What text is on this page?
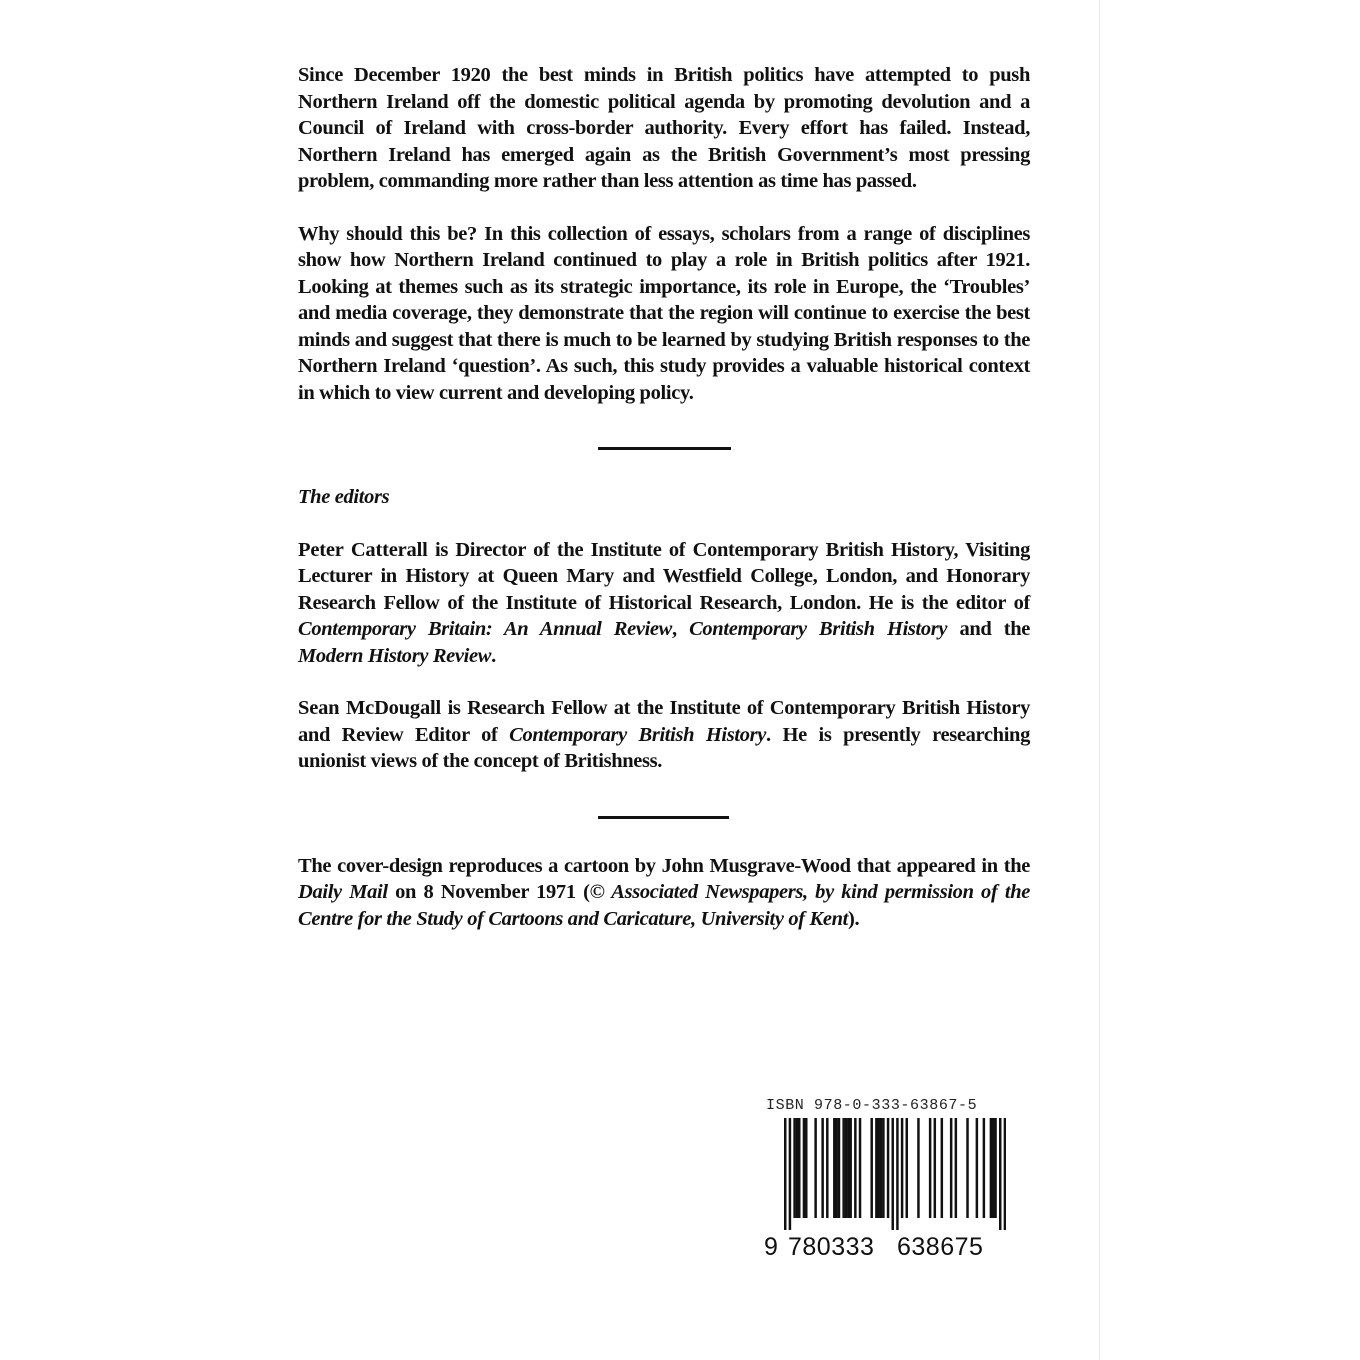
Since December 1920 the best minds in British politics have attempted to push Northern Ireland off the domestic political agenda by promoting devolution and a Council of Ireland with cross-border authority. Every effort has failed. Instead, Northern Ireland has emerged again as the British Government’s most pressing problem, commanding more rather than less attention as time has passed.

Why should this be? In this collection of essays, scholars from a range of disciplines show how Northern Ireland continued to play a role in British politics after 1921. Looking at themes such as its strategic importance, its role in Europe, the ‘Troubles’ and media coverage, they demonstrate that the region will continue to exercise the best minds and suggest that there is much to be learned by studying British responses to the Northern Ireland ‘question’. As such, this study provides a valuable historical context in which to view current and developing policy.

The editors

Peter Catterall is Director of the Institute of Contemporary British History, Visiting Lecturer in History at Queen Mary and Westfield College, London, and Honorary Research Fellow of the Institute of Historical Research, London. He is the editor of Contemporary Britain: An Annual Review, Contemporary British History and the Modern History Review.

Sean McDougall is Research Fellow at the Institute of Contemporary British History and Review Editor of Contemporary British History. He is presently researching unionist views of the concept of Britishness.

The cover-design reproduces a cartoon by John Musgrave-Wood that appeared in the Daily Mail on 8 November 1971 (© Associated Newspapers, by kind permission of the Centre for the Study of Cartoons and Caricature, University of Kent).

ISBN 978-0-333-63867-5
9 780333 638675
